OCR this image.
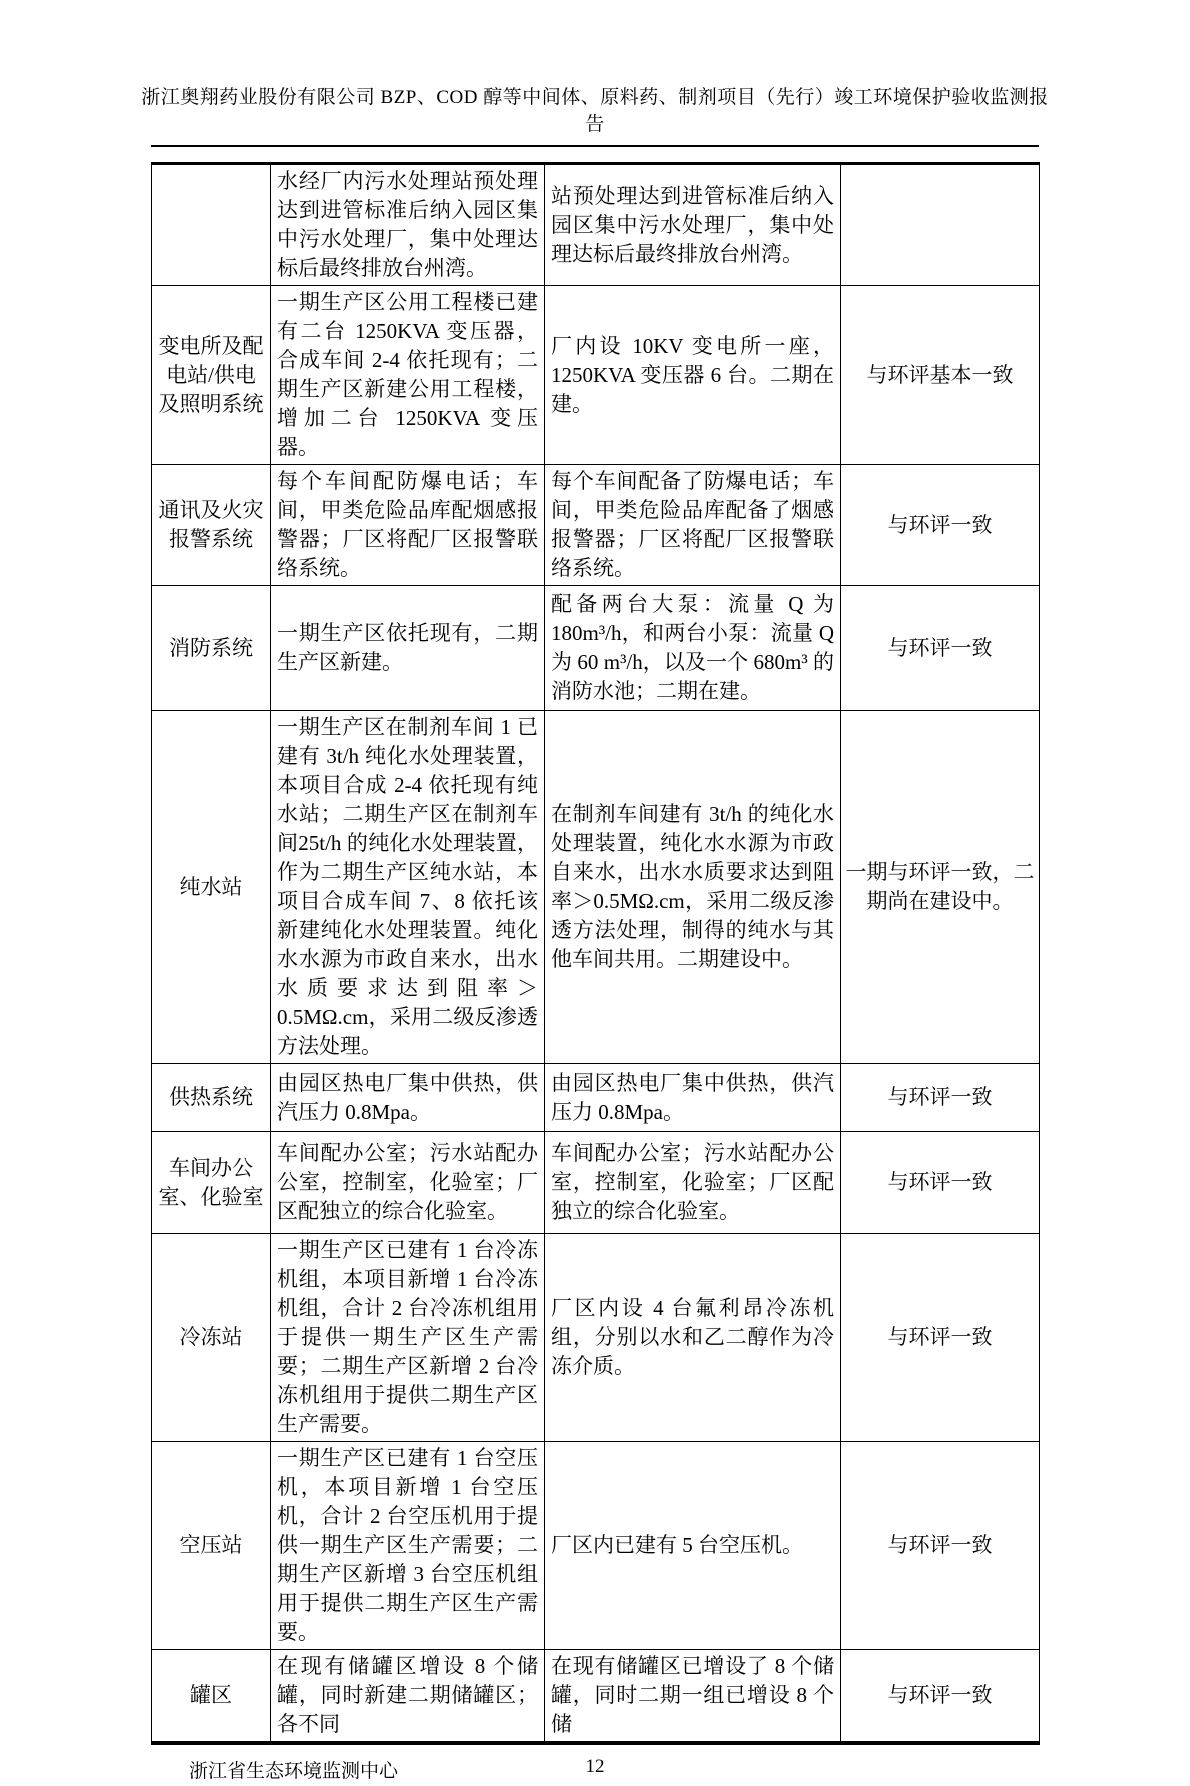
浙江奥翔药业股份有限公司 BZP、COD 醇等中间体、原料药、制剂项目（先行）竣工环境保护验收监测报告
	水经厂内污水处理站预处理达到进管标准后纳入园区集中污水处理厂，集中处理达标后最终排放台州湾。	站预处理达到进管标准后纳入园区集中污水处理厂，集中处理达标后最终排放台州湾。	
变电所及配电站/供电及照明系统	一期生产区公用工程楼已建有二台 1250KVA 变压器，合成车间 2-4 依托现有；二期生产区新建公用工程楼，增加二台 1250KVA 变压器。	厂内设 10KV 变电所一座，1250KVA 变压器 6 台。二期在建。	与环评基本一致
通讯及火灾报警系统	每个车间配防爆电话；车间，甲类危险品库配烟感报警器；厂区将配厂区报警联络系统。	每个车间配备了防爆电话；车间，甲类危险品库配备了烟感报警器；厂区将配厂区报警联络系统。	与环评一致
消防系统	一期生产区依托现有，二期生产区新建。	配备两台大泵：流量 Q 为 180m³/h，和两台小泵：流量 Q 为 60 m³/h，以及一个 680m³ 的消防水池；二期在建。	与环评一致
纯水站	一期生产区在制剂车间 1 已建有 3t/h 纯化水处理装置，本项目合成 2-4 依托现有纯水站；二期生产区在制剂车间25t/h 的纯化水处理装置，作为二期生产区纯水站，本项目合成车间 7、8 依托该新建纯化水处理装置。纯化水水源为市政自来水，出水水质要求达到阻率＞0.5MΩ.cm，采用二级反渗透方法处理。	在制剂车间建有 3t/h 的纯化水处理装置，纯化水水源为市政自来水，出水水质要求达到阻率＞0.5MΩ.cm，采用二级反渗透方法处理，制得的纯水与其他车间共用。二期建设中。	一期与环评一致，二期尚在建设中。
供热系统	由园区热电厂集中供热，供汽压力 0.8Mpa。	由园区热电厂集中供热，供汽压力 0.8Mpa。	与环评一致
车间办公室、化验室	车间配办公室；污水站配办公室，控制室，化验室；厂区配独立的综合化验室。	车间配办公室；污水站配办公室，控制室，化验室；厂区配独立的综合化验室。	与环评一致
冷冻站	一期生产区已建有 1 台冷冻机组，本项目新增 1 台冷冻机组，合计 2 台冷冻机组用于提供一期生产区生产需要；二期生产区新增 2 台冷冻机组用于提供二期生产区生产需要。	厂区内设 4 台氟利昂冷冻机组，分别以水和乙二醇作为冷冻介质。	与环评一致
空压站	一期生产区已建有 1 台空压机，本项目新增 1 台空压机，合计 2 台空压机用于提供一期生产区生产需要；二期生产区新增 3 台空压机组用于提供二期生产区生产需要。	厂区内已建有 5 台空压机。	与环评一致
罐区	在现有储罐区增设 8 个储罐，同时新建二期储罐区；各不同	在现有储罐区已增设了 8 个储罐，同时二期一组已增设 8 个储	与环评一致
浙江省生态环境监测中心	12
